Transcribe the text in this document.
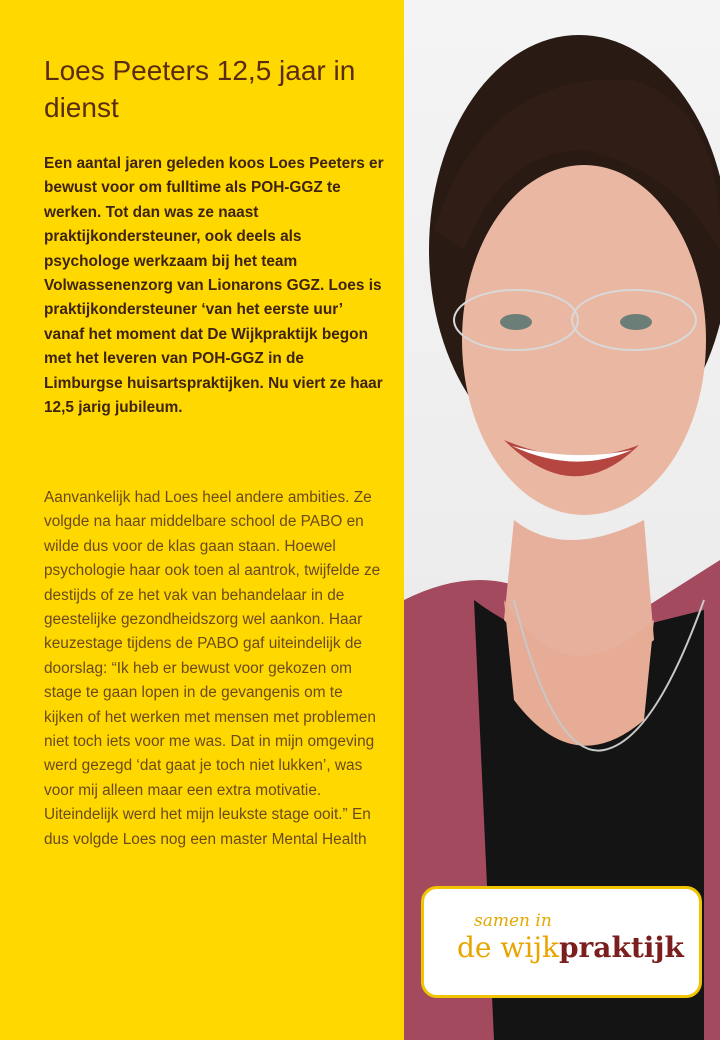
Loes Peeters 12,5 jaar in dienst

Een aantal jaren geleden koos Loes Peeters er bewust voor om fulltime als POH-GGZ te werken. Tot dan was ze naast praktijkondersteuner, ook deels als psychologe werkzaam bij het team Volwassenenzorg van Lionarons GGZ. Loes is praktijkondersteuner ‘van het eerste uur’ vanaf het moment dat De Wijkpraktijk begon met het leveren van POH-GGZ in de Limburgse huisartspraktijken. Nu viert ze haar 12,5 jarig jubileum.

Aanvankelijk had Loes heel andere ambities. Ze volgde na haar middelbare school de PABO en wilde dus voor de klas gaan staan. Hoewel psychologie haar ook toen al aantrok, twijfelde ze destijds of ze het vak van behandelaar in de geestelijke gezondheidszorg wel aankon. Haar keuzestage tijdens de PABO gaf uiteindelijk de doorslag: “Ik heb er bewust voor gekozen om stage te gaan lopen in de gevangenis om te kijken of het werken met mensen met problemen niet toch iets voor me was. Dat in mijn omgeving werd gezegd ‘dat gaat je toch niet lukken’, was voor mij alleen maar een extra motivatie. Uiteindelijk werd het mijn leukste stage ooit.” En dus volgde Loes nog een master Mental Health

samen in
de wijkpraktijk
